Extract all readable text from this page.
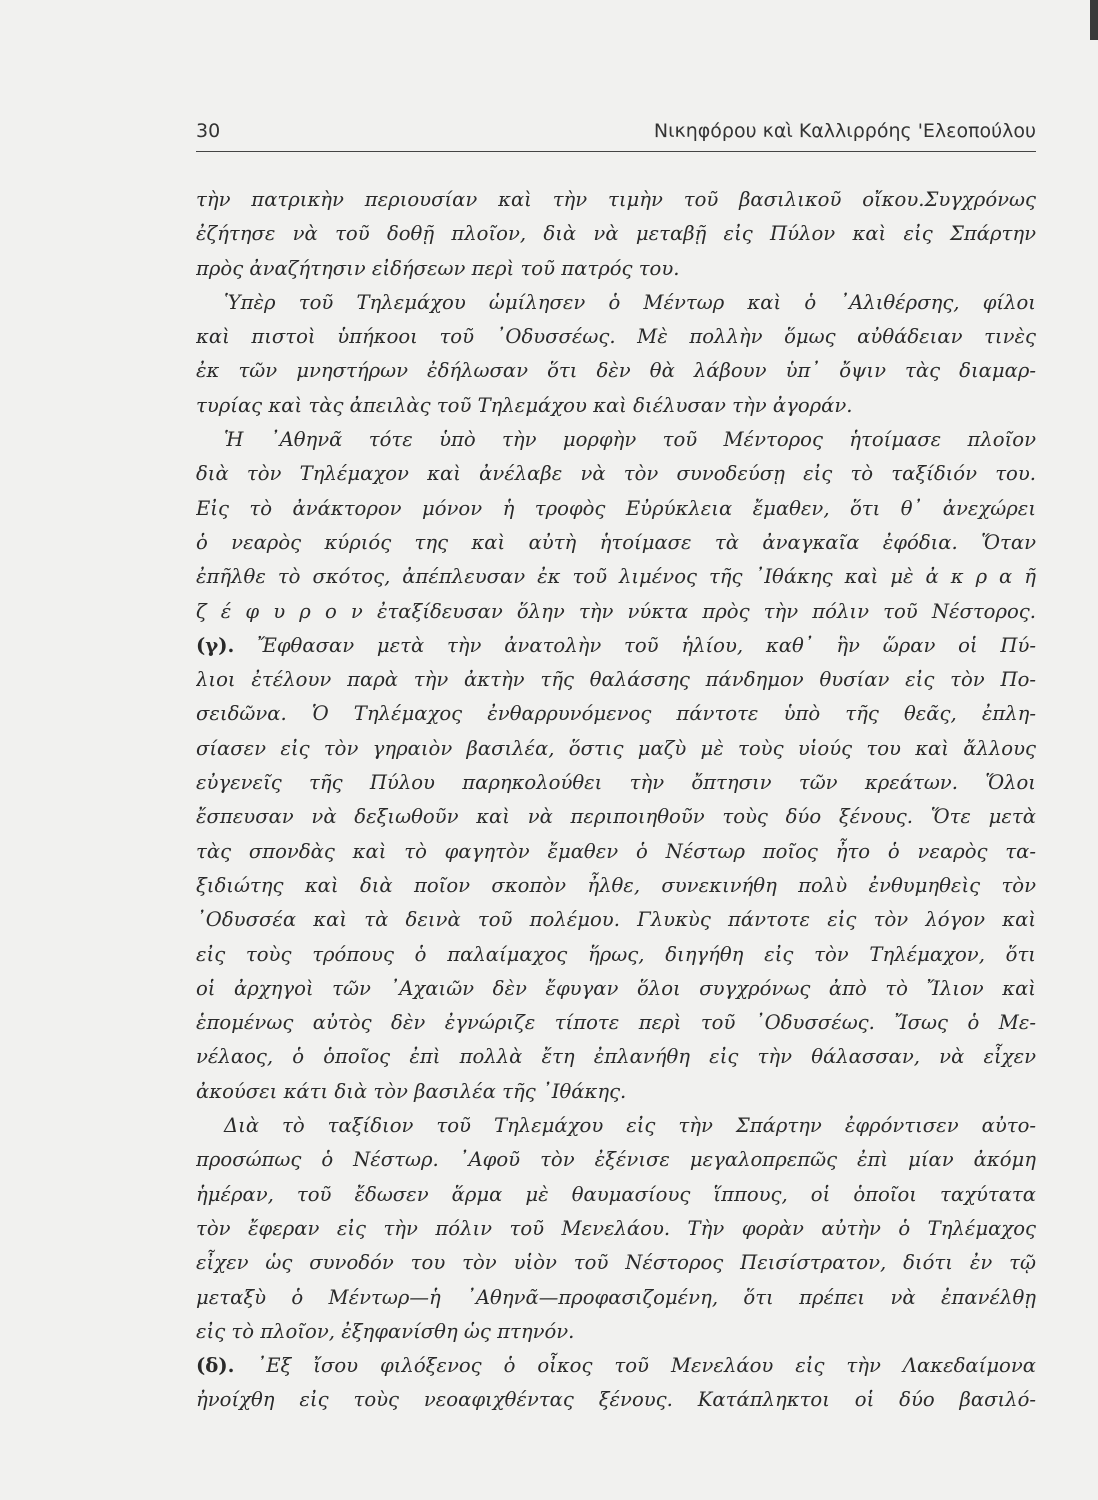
30	Νικηφόρου καὶ Καλλιρρόης 'Ελεοπούλου
τὴν πατρικὴν περιουσίαν καὶ τὴν τιμὴν τοῦ βασιλικοῦ οἴκου.Συγχρόνως
ἐζήτησε νὰ τοῦ δοθῇ πλοῖον, διὰ νὰ μεταβῇ εἰς Πύλον καὶ εἰς Σπάρτην
πρὸς ἀναζήτησιν εἰδήσεων περὶ τοῦ πατρός του.
Ὑπὲρ τοῦ Τηλεμάχου ὡμίλησεν ὁ Μέντωρ καὶ ὁ ᾿Αλιθέρσης, φίλοι
καὶ πιστοὶ ὑπήκοοι τοῦ ᾿Οδυσσέως. Μὲ πολλὴν ὅμως αὐθάδειαν τινὲς
ἐκ τῶν μνηστήρων ἐδήλωσαν ὅτι δὲν θὰ λάβουν ὑπ᾿ ὄψιν τὰς διαμαρ-
τυρίας καὶ τὰς ἀπειλὰς τοῦ Τηλεμάχου καὶ διέλυσαν τὴν ἀγοράν.
Ἡ ᾿Αθηνᾶ τότε ὑπὸ τὴν μορφὴν τοῦ Μέντορος ἡτοίμασε πλοῖον
διὰ τὸν Τηλέμαχον καὶ ἀνέλαβε νὰ τὸν συνοδεύσῃ εἰς τὸ ταξίδιόν του.
Εἰς τὸ ἀνάκτορον μόνον ἡ τροφὸς Εὐρύκλεια ἔμαθεν, ὅτι θ᾿ ἀνεχώρει
ὁ νεαρὸς κύριός της καὶ αὐτὴ ἡτοίμασε τὰ ἀναγκαῖα ἐφόδια. Ὅταν
ἐπῆλθε τὸ σκότος, ἀπέπλευσαν ἐκ τοῦ λιμένος τῆς ᾿Ιθάκης καὶ μὲ ἀ κ ρ α ῆ
ζ έ φ υ ρ ο ν ἐταξίδευσαν ὅλην τὴν νύκτα πρὸς τὴν πόλιν τοῦ Νέστορος.
(γ). Ἔφθασαν μετὰ τὴν ἀνατολὴν τοῦ ἡλίου, καθ᾿ ἣν ὥραν οἱ Πύ-
λιοι ἐτέλουν παρὰ τὴν ἀκτὴν τῆς θαλάσσης πάνδημον θυσίαν εἰς τὸν Πο-
σειδῶνα. Ὁ Τηλέμαχος ἐνθαρρυνόμενος πάντοτε ὑπὸ τῆς θεᾶς, ἐπλη-
σίασεν εἰς τὸν γηραιὸν βασιλέα, ὅστις μαζὺ μὲ τοὺς υἱούς του καὶ ἄλλους
εὐγενεῖς τῆς Πύλου παρηκολούθει τὴν ὄπτησιν τῶν κρεάτων. Ὅλοι
ἔσπευσαν νὰ δεξιωθοῦν καὶ νὰ περιποιηθοῦν τοὺς δύο ξένους. Ὅτε μετὰ
τὰς σπονδὰς καὶ τὸ φαγητὸν ἔμαθεν ὁ Νέστωρ ποῖος ἦτο ὁ νεαρὸς τα-
ξιδιώτης καὶ διὰ ποῖον σκοπὸν ἦλθε, συνεκινήθη πολὺ ἐνθυμηθεὶς τὸν
᾿Οδυσσέα καὶ τὰ δεινὰ τοῦ πολέμου. Γλυκὺς πάντοτε εἰς τὸν λόγον καὶ
εἰς τοὺς τρόπους ὁ παλαίμαχος ἥρως, διηγήθη εἰς τὸν Τηλέμαχον, ὅτι
οἱ ἀρχηγοὶ τῶν ᾿Αχαιῶν δὲν ἔφυγαν ὅλοι συγχρόνως ἀπὸ τὸ Ἴλιον καὶ
ἑπομένως αὐτὸς δὲν ἐγνώριζε τίποτε περὶ τοῦ ᾿Οδυσσέως. Ἴσως ὁ Με-
νέλαος, ὁ ὁποῖος ἐπὶ πολλὰ ἔτη ἐπλανήθη εἰς τὴν θάλασσαν, νὰ εἶχεν
ἀκούσει κάτι διὰ τὸν βασιλέα τῆς ᾿Ιθάκης.
Διὰ τὸ ταξίδιον τοῦ Τηλεμάχου εἰς τὴν Σπάρτην ἐφρόντισεν αὐτο-
προσώπως ὁ Νέστωρ. ᾿Αφοῦ τὸν ἐξένισε μεγαλοπρεπῶς ἐπὶ μίαν ἀκόμη
ἡμέραν, τοῦ ἔδωσεν ἅρμα μὲ θαυμασίους ἵππους, οἱ ὁποῖοι ταχύτατα
τὸν ἔφεραν εἰς τὴν πόλιν τοῦ Μενελάου. Τὴν φορὰν αὐτὴν ὁ Τηλέμαχος
εἶχεν ὡς συνοδόν του τὸν υἱὸν τοῦ Νέστορος Πεισίστρατον, διότι ἐν τῷ
μεταξὺ ὁ Μέντωρ—ἡ ᾿Αθηνᾶ—προφασιζομένη, ὅτι πρέπει νὰ ἐπανέλθῃ
εἰς τὸ πλοῖον, ἐξηφανίσθη ὡς πτηνόν.
(δ). ᾿Εξ ἴσου φιλόξενος ὁ οἶκος τοῦ Μενελάου εἰς τὴν Λακεδαίμονα
ἠνοίχθη εἰς τοὺς νεοαφιχθέντας ξένους. Κατάπληκτοι οἱ δύο βασιλό-
